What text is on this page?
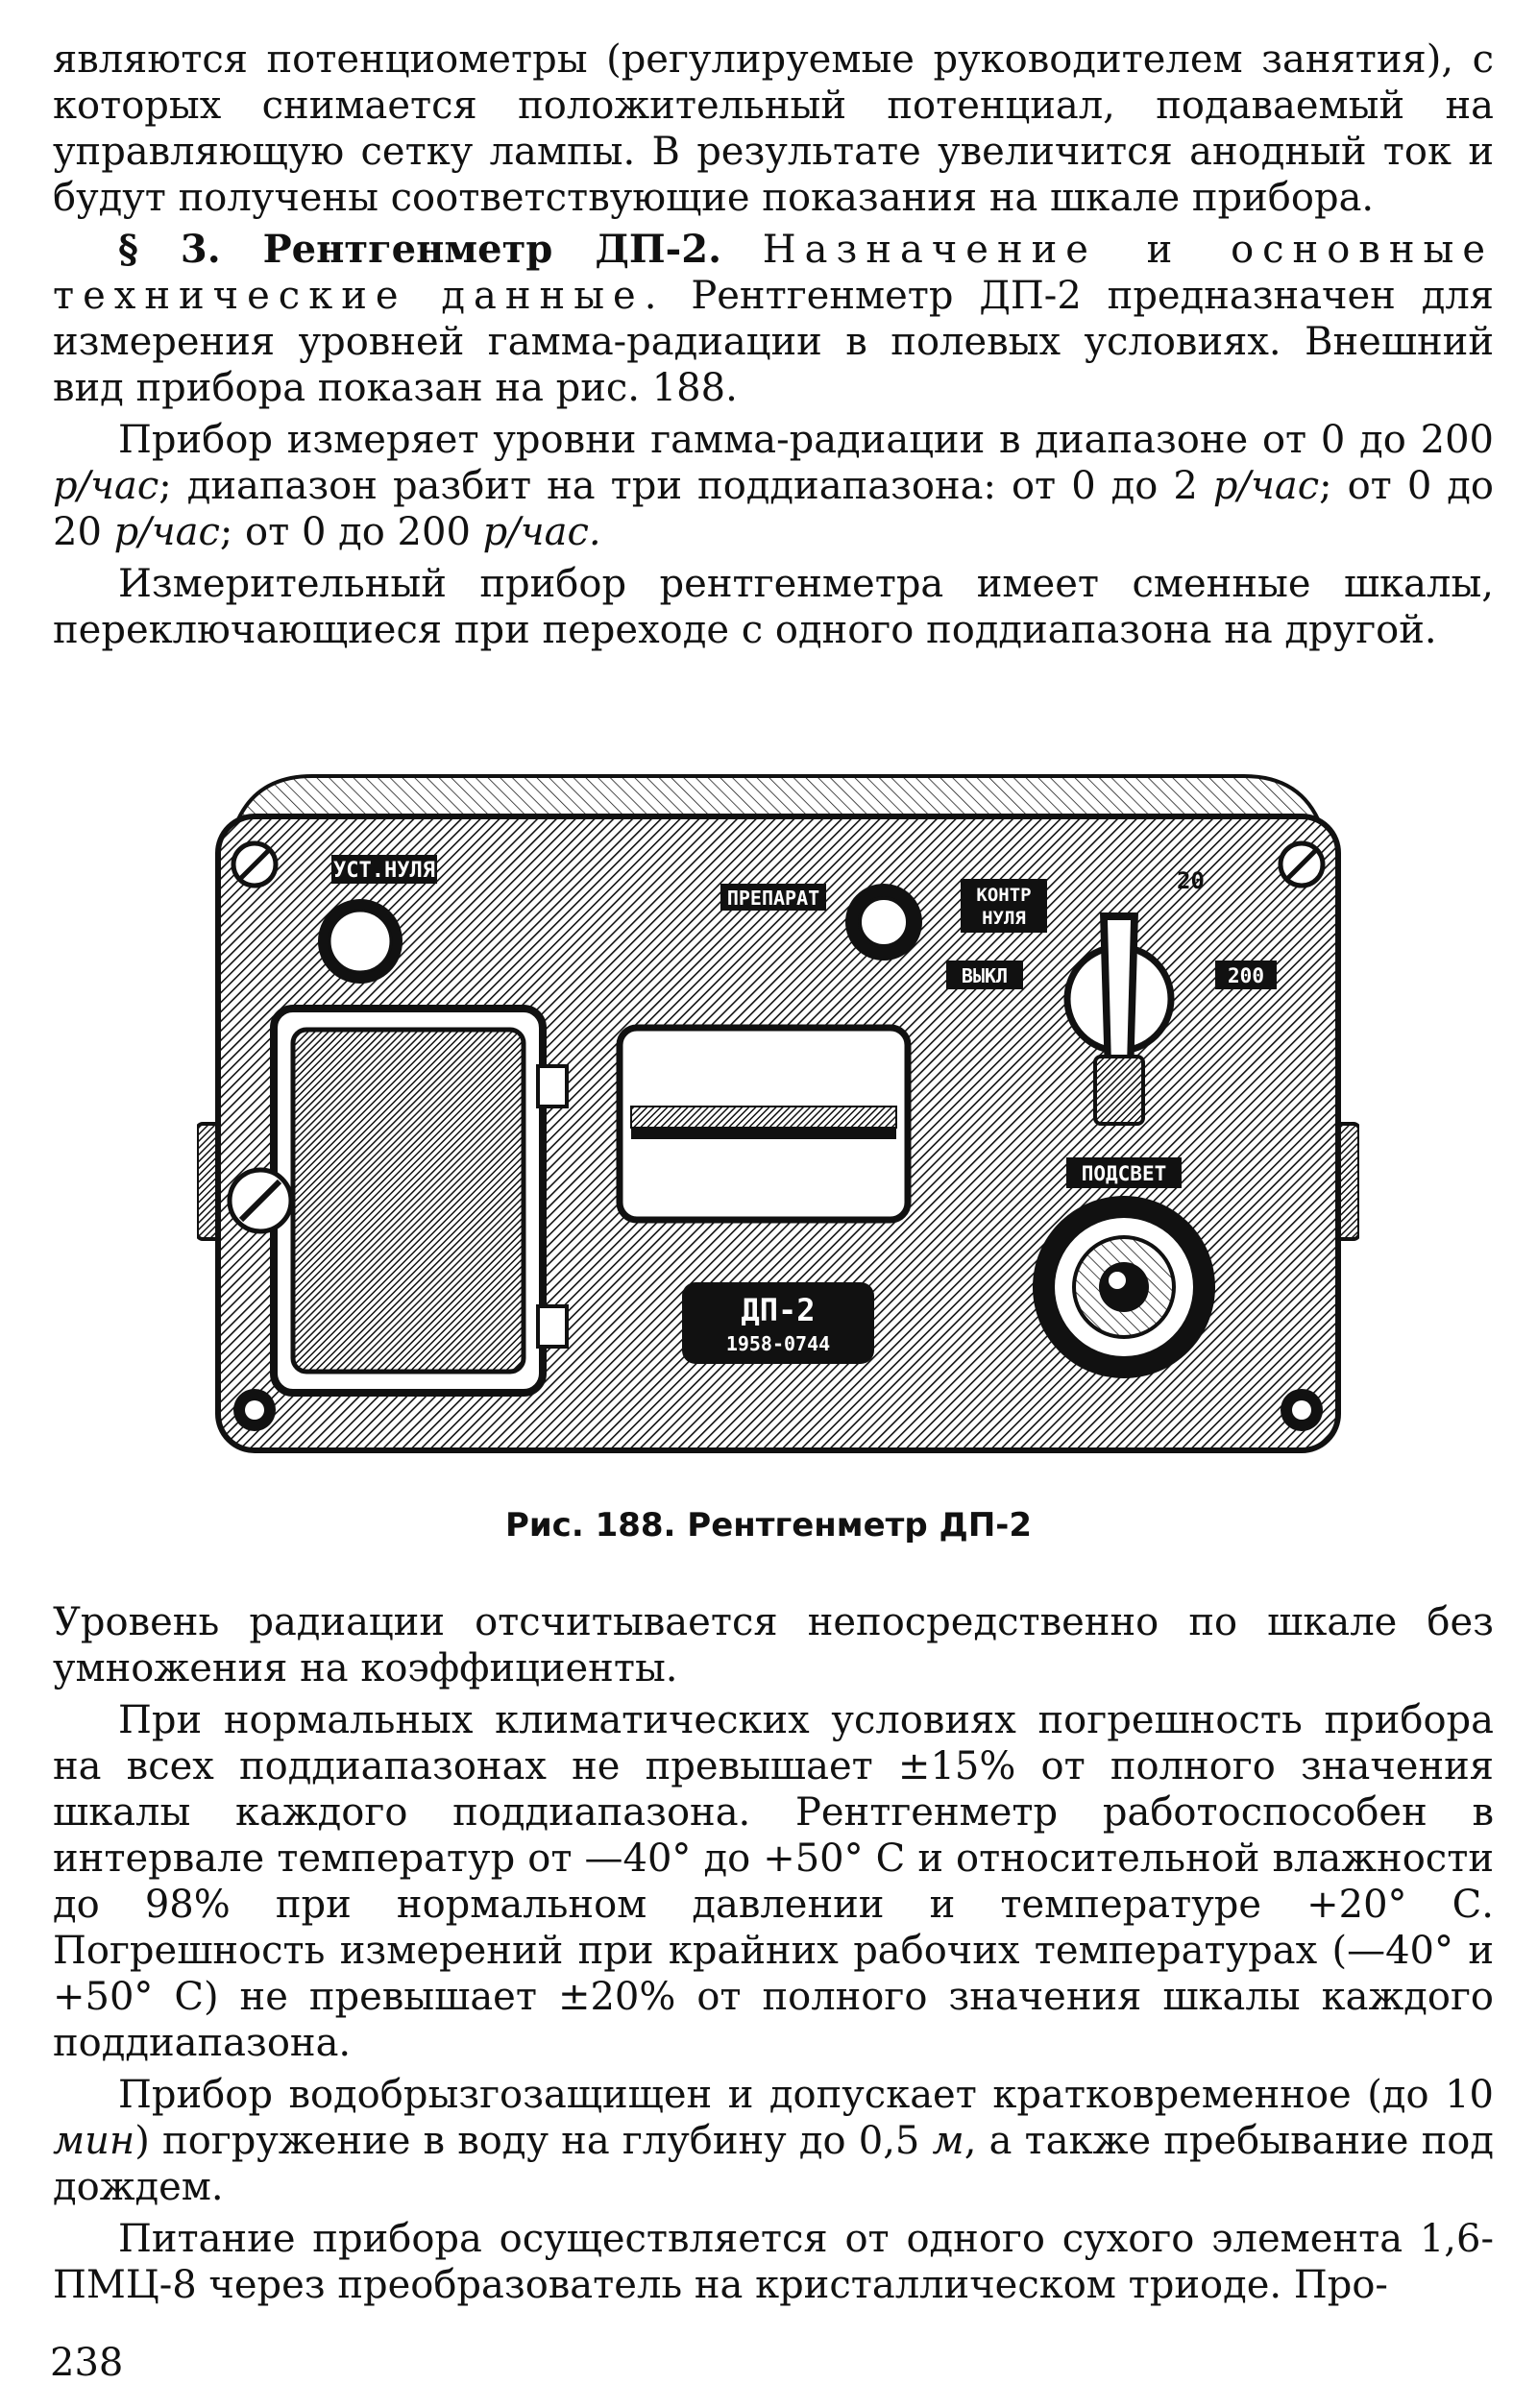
являются потенциометры (регулируемые руководителем занятия), с которых снимается положительный потенциал, подаваемый на управляющую сетку лампы. В результате увеличится анодный ток и будут получены соответствующие показания на шкале прибора.

§ 3. Рентгенметр ДП-2. Назначение и основные технические данные. Рентгенметр ДП-2 предназначен для измерения уровней гамма-радиации в полевых условиях. Внешний вид прибора показан на рис. 188.

Прибор измеряет уровни гамма-радиации в диапазоне от 0 до 200 р/час; диапазон разбит на три поддиапазона: от 0 до 2 р/час; от 0 до 20 р/час; от 0 до 200 р/час.

Измерительный прибор рентгенметра имеет сменные шкалы, переключающиеся при переходе с одного поддиапазона на другой.

УСТ.НУЛЯ
ДП-2
1958-0744
ПРЕПАРАТ	КОНТР
НУЛЯ
ВЫКЛ
20
200
ПОДСВЕТ
Рис. 188. Рентгенметр ДП-2

Уровень радиации отсчитывается непосредственно по шкале без умножения на коэффициенты.

При нормальных климатических условиях погрешность прибора на всех поддиапазонах не превышает ±15% от полного значения шкалы каждого поддиапазона. Рентгенметр работоспособен в интервале температур от —40° до +50° С и относительной влажности до 98% при нормальном давлении и температуре +20° С. Погрешность измерений при крайних рабочих температурах (—40° и +50° С) не превышает ±20% от полного значения шкалы каждого поддиапазона.

Прибор водобрызгозащищен и допускает кратковременное (до 10 мин) погружение в воду на глубину до 0,5 м, а также пребывание под дождем.

Питание прибора осуществляется от одного сухого элемента 1,6-ПМЦ-8 через преобразователь на кристаллическом триоде. Про-

238
